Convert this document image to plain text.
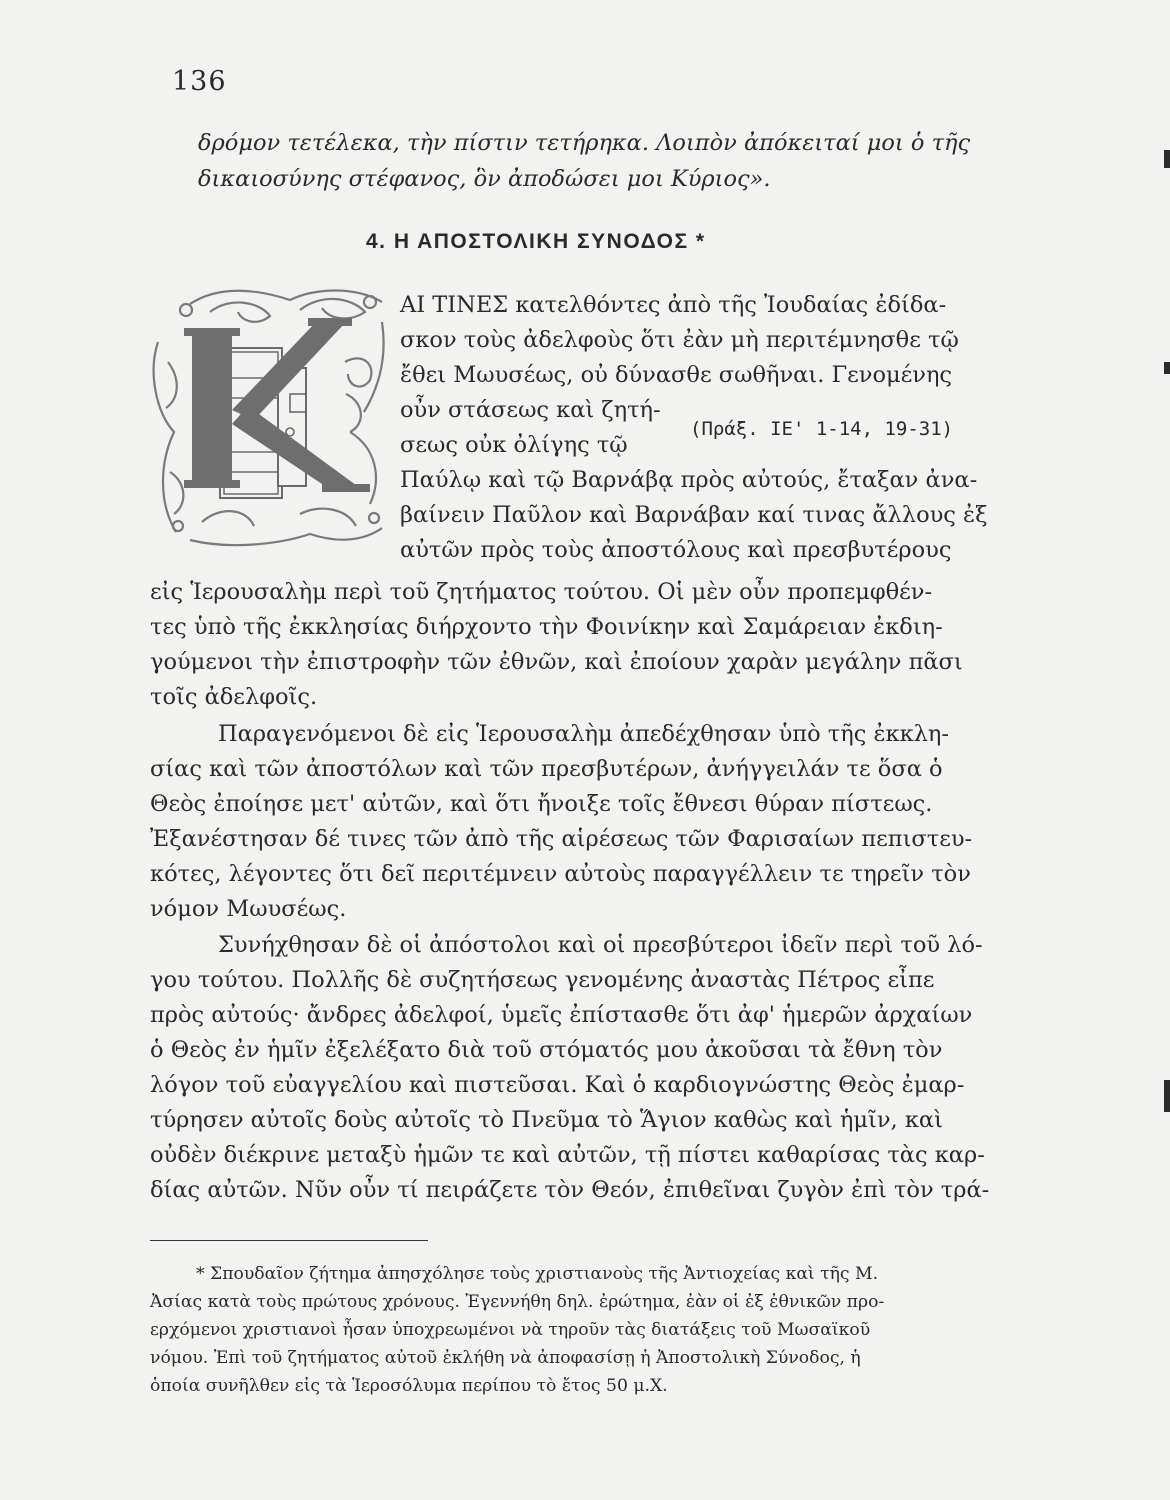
136
δρόμον τετέλεκα, τὴν πίστιν τετήρηκα. Λοιπὸν ἀπόκειταί μοι ὁ τῆς
δικαιοσύνης στέφανος, ὃν ἀποδώσει μοι Κύριος».
4. Η ΑΠΟΣΤΟΛΙΚΗ ΣΥΝΟΔΟΣ *
ΑΙ ΤΙΝΕΣ κατελθόντες ἀπὸ τῆς Ἰουδαίας ἐδίδα-
σκον τοὺς ἀδελφοὺς ὅτι ἐὰν μὴ περιτέμνησθε τῷ
ἔθει Μωυσέως, οὐ δύνασθε σωθῆναι. Γενομένης
οὖν στάσεως καὶ ζητή-
(Πράξ. ΙΕ' 1-14, 19-31)
σεως οὐκ ὀλίγης τῷ
Παύλῳ καὶ τῷ Βαρνάβᾳ πρὸς αὐτούς, ἔταξαν ἀνα-
βαίνειν Παῦλον καὶ Βαρνάβαν καί τινας ἄλλους ἐξ
αὐτῶν πρὸς τοὺς ἀποστόλους καὶ πρεσβυτέρους
εἰς Ἱερουσαλὴμ περὶ τοῦ ζητήματος τούτου. Οἱ μὲν οὖν προπεμφθέν-
τες ὑπὸ τῆς ἐκκλησίας διήρχοντο τὴν Φοινίκην καὶ Σαμάρειαν ἐκδιη-
γούμενοι τὴν ἐπιστροφὴν τῶν ἐθνῶν, καὶ ἐποίουν χαρὰν μεγάλην πᾶσι
τοῖς ἀδελφοῖς.
Παραγενόμενοι δὲ εἰς Ἱερουσαλὴμ ἀπεδέχθησαν ὑπὸ τῆς ἐκκλη-
σίας καὶ τῶν ἀποστόλων καὶ τῶν πρεσβυτέρων, ἀνήγγειλάν τε ὅσα ὁ
Θεὸς ἐποίησε μετ' αὐτῶν, καὶ ὅτι ἤνοιξε τοῖς ἔθνεσι θύραν πίστεως.
Ἐξανέστησαν δέ τινες τῶν ἀπὸ τῆς αἱρέσεως τῶν Φαρισαίων πεπιστευ-
κότες, λέγοντες ὅτι δεῖ περιτέμνειν αὐτοὺς παραγγέλλειν τε τηρεῖν τὸν
νόμον Μωυσέως.
Συνήχθησαν δὲ οἱ ἀπόστολοι καὶ οἱ πρεσβύτεροι ἰδεῖν περὶ τοῦ λό-
γου τούτου. Πολλῆς δὲ συζητήσεως γενομένης ἀναστὰς Πέτρος εἶπε
πρὸς αὐτούς· ἄνδρες ἀδελφοί, ὑμεῖς ἐπίστασθε ὅτι ἀφ' ἡμερῶν ἀρχαίων
ὁ Θεὸς ἐν ἡμῖν ἐξελέξατο διὰ τοῦ στόματός μου ἀκοῦσαι τὰ ἔθνη τὸν
λόγον τοῦ εὐαγγελίου καὶ πιστεῦσαι. Καὶ ὁ καρδιογνώστης Θεὸς ἐμαρ-
τύρησεν αὐτοῖς δοὺς αὐτοῖς τὸ Πνεῦμα τὸ Ἅγιον καθὼς καὶ ἡμῖν, καὶ
οὐδὲν διέκρινε μεταξὺ ἡμῶν τε καὶ αὐτῶν, τῇ πίστει καθαρίσας τὰς καρ-
δίας αὐτῶν. Νῦν οὖν τί πειράζετε τὸν Θεόν, ἐπιθεῖναι ζυγὸν ἐπὶ τὸν τρά-
* Σπουδαῖον ζήτημα ἀπησχόλησε τοὺς χριστιανοὺς τῆς Ἀντιοχείας καὶ τῆς Μ.
Ἀσίας κατὰ τοὺς πρώτους χρόνους. Ἐγεννήθη δηλ. ἐρώτημα, ἐὰν οἱ ἐξ ἐθνικῶν προ-
ερχόμενοι χριστιανοὶ ἦσαν ὑποχρεωμένοι νὰ τηροῦν τὰς διατάξεις τοῦ Μωσαϊκοῦ
νόμου. Ἐπὶ τοῦ ζητήματος αὐτοῦ ἐκλήθη νὰ ἀποφασίσῃ ἡ Ἀποστολικὴ Σύνοδος, ἡ
ὁποία συνῆλθεν εἰς τὰ Ἱεροσόλυμα περίπου τὸ ἔτος 50 μ.Χ.
